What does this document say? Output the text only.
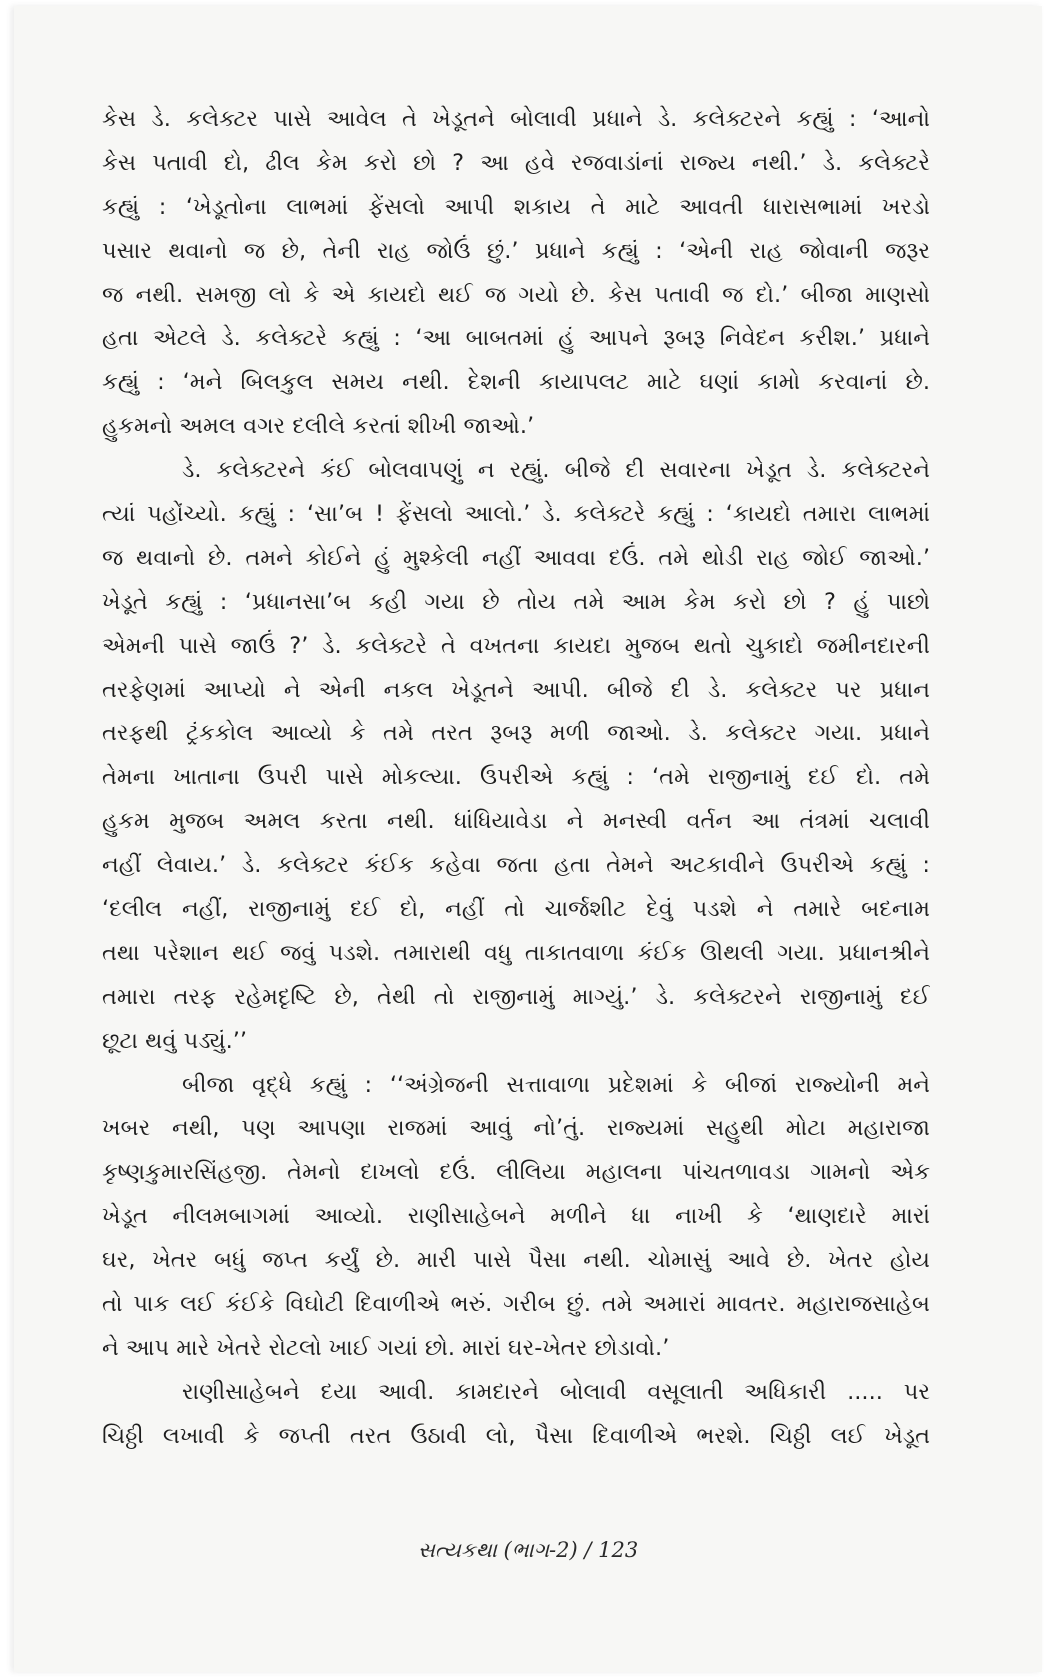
કેસ ડે. કલેક્ટર પાસે આવેલ તે ખેડૂતને બોલાવી પ્રધાને ડે. કલેક્ટરને કહ્યું : ‘આનો
કેસ પતાવી દો, ઢીલ કેમ કરો છો ? આ હવે રજવાડાંનાં રાજ્ય નથી.’ ડે. કલેક્ટરે
કહ્યું : ‘ખેડૂતોના લાભમાં ફેંસલો આપી શકાય તે માટે આવતી ધારાસભામાં ખરડો
પસાર થવાનો જ છે, તેની રાહ જોઉં છું.’ પ્રધાને કહ્યું : ‘એની રાહ જોવાની જરૂર
જ નથી. સમજી લો કે એ કાયદો થઈ જ ગયો છે. કેસ પતાવી જ દો.’ બીજા માણસો
હતા એટલે ડે. કલેક્ટરે કહ્યું : ‘આ બાબતમાં હું આપને રૂબરૂ નિવેદન કરીશ.’ પ્રધાને
કહ્યું : ‘મને બિલકુલ સમય નથી. દેશની કાયાપલટ માટે ઘણાં કામો કરવાનાં છે.
હુકમનો અમલ વગર દલીલે કરતાં શીખી જાઓ.’
ડે. કલેક્ટરને કંઈ બોલવાપણું ન રહ્યું. બીજે દી સવારના ખેડૂત ડે. કલેક્ટરને
ત્યાં પહોંચ્યો. કહ્યું : ‘સા’બ ! ફેંસલો આલો.’ ડે. કલેક્ટરે કહ્યું : ‘કાયદો તમારા લાભમાં
જ થવાનો છે. તમને કોઈને હું મુશ્કેલી નહીં આવવા દઉં. તમે થોડી રાહ જોઈ જાઓ.’
ખેડૂતે કહ્યું : ‘પ્રધાનસા’બ કહી ગયા છે તોય તમે આમ કેમ કરો છો ? હું પાછો
એમની પાસે જાઉં ?’ ડે. કલેક્ટરે તે વખતના કાયદા મુજબ થતો ચુકાદો જમીનદારની
તરફેણમાં આપ્યો ને એની નકલ ખેડૂતને આપી. બીજે દી ડે. કલેક્ટર પર પ્રધાન
તરફથી ટ્રંકકોલ આવ્યો કે તમે તરત રૂબરૂ મળી જાઓ. ડે. કલેક્ટર ગયા. પ્રધાને
તેમના ખાતાના ઉપરી પાસે મોકલ્યા. ઉપરીએ કહ્યું : ‘તમે રાજીનામું દઈ દો. તમે
હુકમ મુજબ અમલ કરતા નથી. ધાંધિયાવેડા ને મનસ્વી વર્તન આ તંત્રમાં ચલાવી
નહીં લેવાય.’ ડે. કલેક્ટર કંઈક કહેવા જતા હતા તેમને અટકાવીને ઉપરીએ કહ્યું :
‘દલીલ નહીં, રાજીનામું દઈ દો, નહીં તો ચાર્જશીટ દેવું પડશે ને તમારે બદનામ
તથા પરેશાન થઈ જવું પડશે. તમારાથી વધુ તાકાતવાળા કંઈક ઊથલી ગયા. પ્રધાનશ્રીને
તમારા તરફ રહેમદૃષ્ટિ છે, તેથી તો રાજીનામું માગ્યું.’ ડે. કલેક્ટરને રાજીનામું દઈ
છૂટા થવું પડ્યું.’’
બીજા વૃદ્ધે કહ્યું : ‘‘અંગ્રેજની સત્તાવાળા પ્રદેશમાં કે બીજાં રાજ્યોની મને
ખબર નથી, પણ આપણા રાજમાં આવું નો’તું. રાજ્યમાં સહુથી મોટા મહારાજા
કૃષ્ણકુમારસિંહજી. તેમનો દાખલો દઉં. લીલિયા મહાલના પાંચતળાવડા ગામનો એક
ખેડૂત નીલમબાગમાં આવ્યો. રાણીસાહેબને મળીને ધા નાખી કે ‘થાણદારે મારાં
ઘર, ખેતર બધું જપ્ત કર્યું છે. મારી પાસે પૈસા નથી. ચોમાસું આવે છે. ખેતર હોય
તો પાક લઈ કંઈકે વિઘોટી દિવાળીએ ભરું. ગરીબ છું. તમે અમારાં માવતર. મહારાજસાહેબ
ને આપ મારે ખેતરે રોટલો ખાઈ ગયાં છો. મારાં ઘર-ખેતર છોડાવો.’
રાણીસાહેબને દયા આવી. કામદારને બોલાવી વસૂલાતી અધિકારી ..... પર
ચિઠ્ઠી લખાવી કે જપ્તી તરત ઉઠાવી લો, પૈસા દિવાળીએ ભરશે. ચિઠ્ઠી લઈ ખેડૂત
સત્યકથા (ભાગ-2) / 123
